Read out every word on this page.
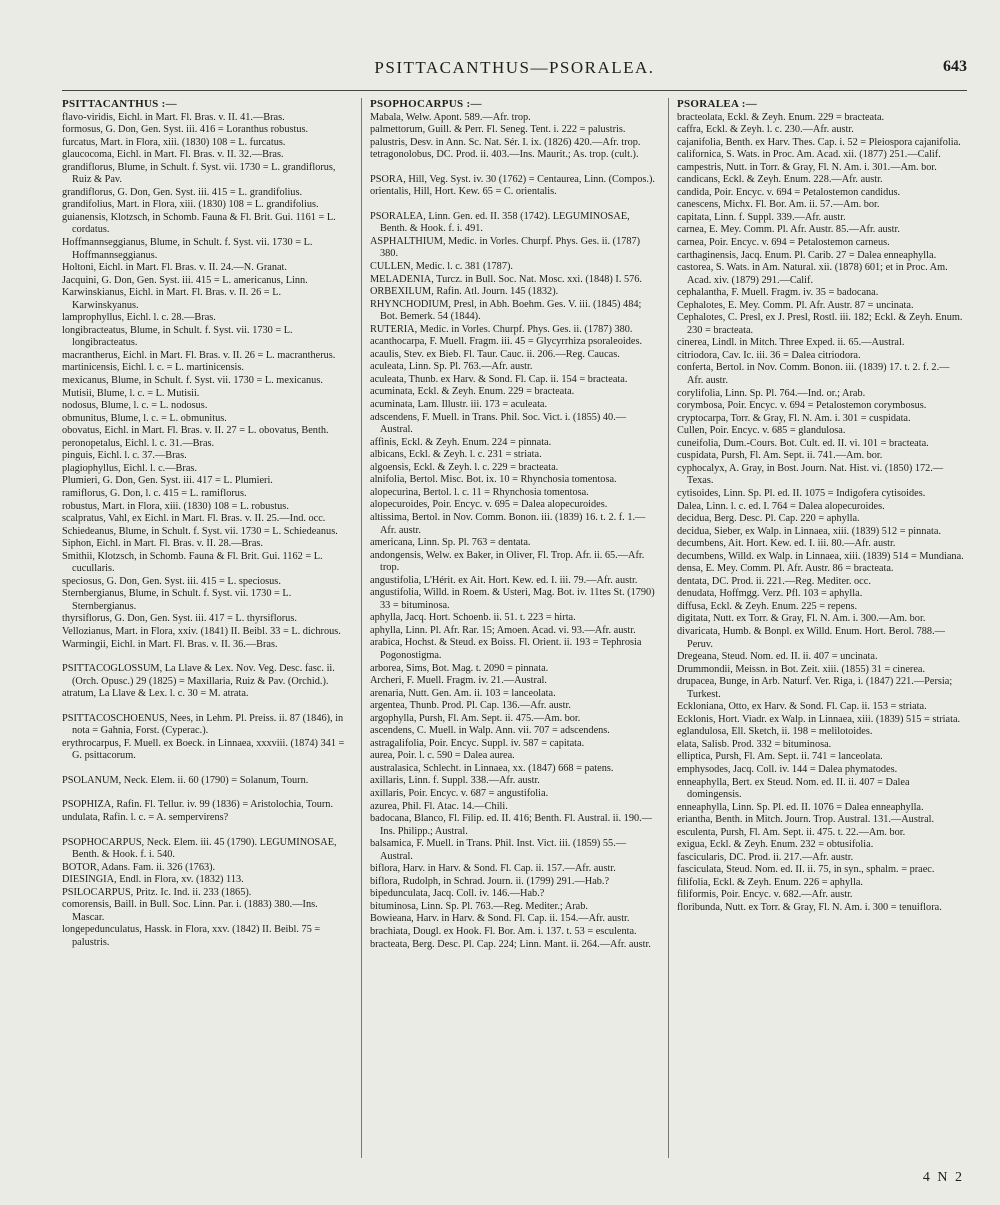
PSITTACANTHUS—PSORALEA.	643
PSITTACANTHUS :—

flavo-viridis, Eichl. in Mart. Fl. Bras. v. II. 41.—Bras.

formosus, G. Don, Gen. Syst. iii. 416 = Loranthus robustus.

furcatus, Mart. in Flora, xiii. (1830) 108 = L. furcatus.

glaucocoma, Eichl. in Mart. Fl. Bras. v. II. 32.—Bras.

grandiflorus, Blume, in Schult. f. Syst. vii. 1730 = L. grandiflorus, Ruiz & Pav.

grandiflorus, G. Don, Gen. Syst. iii. 415 = L. grandifolius.

grandifolius, Mart. in Flora, xiii. (1830) 108 = L. grandifolius.

guianensis, Klotzsch, in Schomb. Fauna & Fl. Brit. Gui. 1161 = L. cordatus.

Hoffmannseggianus, Blume, in Schult. f. Syst. vii. 1730 = L. Hoffmannseggianus.

Holtoni, Eichl. in Mart. Fl. Bras. v. II. 24.—N. Granat.

Jacquini, G. Don, Gen. Syst. iii. 415 = L. americanus, Linn.

Karwinskianus, Eichl. in Mart. Fl. Bras. v. II. 26 = L. Karwinskyanus.

lamprophyllus, Eichl. l. c. 28.—Bras.

longibracteatus, Blume, in Schult. f. Syst. vii. 1730 = L. longibracteatus.

macrantherus, Eichl. in Mart. Fl. Bras. v. II. 26 = L. macrantherus.

martinicensis, Eichl. l. c. = L. martinicensis.

mexicanus, Blume, in Schult. f. Syst. vii. 1730 = L. mexicanus.

Mutisii, Blume, l. c. = L. Mutisii.

nodosus, Blume, l. c. = L. nodosus.

obmunitus, Blume, l. c. = L. obmunitus.

obovatus, Eichl. in Mart. Fl. Bras. v. II. 27 = L. obovatus, Benth.

peronopetalus, Eichl. l. c. 31.—Bras.

pinguis, Eichl. l. c. 37.—Bras.

plagiophyllus, Eichl. l. c.—Bras.

Plumieri, G. Don, Gen. Syst. iii. 417 = L. Plumieri.

ramiflorus, G. Don, l. c. 415 = L. ramiflorus.

robustus, Mart. in Flora, xiii. (1830) 108 = L. robustus.

scalpratus, Vahl, ex Eichl. in Mart. Fl. Bras. v. II. 25.—Ind. occ.

Schiedeanus, Blume, in Schult. f. Syst. vii. 1730 = L. Schiedeanus.

Siphon, Eichl. in Mart. Fl. Bras. v. II. 28.—Bras.

Smithii, Klotzsch, in Schomb. Fauna & Fl. Brit. Gui. 1162 = L. cucullaris.

speciosus, G. Don, Gen. Syst. iii. 415 = L. speciosus.

Sternbergianus, Blume, in Schult. f. Syst. vii. 1730 = L. Sternbergianus.

thyrsiflorus, G. Don, Gen. Syst. iii. 417 = L. thyrsiflorus.

Vellozianus, Mart. in Flora, xxiv. (1841) II. Beibl. 33 = L. dichrous.

Warmingii, Eichl. in Mart. Fl. Bras. v. II. 36.—Bras.

PSITTACOGLOSSUM, La Llave & Lex. Nov. Veg. Desc. fasc. ii. (Orch. Opusc.) 29 (1825) = Maxillaria, Ruiz & Pav. (Orchid.).

atratum, La Llave & Lex. l. c. 30 = M. atrata.

PSITTACOSCHOENUS, Nees, in Lehm. Pl. Preiss. ii. 87 (1846), in nota = Gahnia, Forst. (Cyperac.).

erythrocarpus, F. Muell. ex Boeck. in Linnaea, xxxviii. (1874) 341 = G. psittacorum.

PSOLANUM, Neck. Elem. ii. 60 (1790) = Solanum, Tourn.

PSOPHIZA, Rafin. Fl. Tellur. iv. 99 (1836) = Aristolochia, Tourn.

undulata, Rafin. l. c. = A. sempervirens?

PSOPHOCARPUS, Neck. Elem. iii. 45 (1790). LEGUMINOSAE, Benth. & Hook. f. i. 540.

BOTOR, Adans. Fam. ii. 326 (1763).

DIESINGIA, Endl. in Flora, xv. (1832) 113.

PSILOCARPUS, Pritz. Ic. Ind. ii. 233 (1865).

comorensis, Baill. in Bull. Soc. Linn. Par. i. (1883) 380.—Ins. Mascar.

longepedunculatus, Hassk. in Flora, xxv. (1842) II. Beibl. 75 = palustris.

PSOPHOCARPUS :—

Mabala, Welw. Apont. 589.—Afr. trop.

palmettorum, Guill. & Perr. Fl. Seneg. Tent. i. 222 = palustris.

palustris, Desv. in Ann. Sc. Nat. Sér. I. ix. (1826) 420.—Afr. trop.

tetragonolobus, DC. Prod. ii. 403.—Ins. Maurit.; As. trop. (cult.).

PSORA, Hill, Veg. Syst. iv. 30 (1762) = Centaurea, Linn. (Compos.).

orientalis, Hill, Hort. Kew. 65 = C. orientalis.

PSORALEA, Linn. Gen. ed. II. 358 (1742). LEGUMINOSAE, Benth. & Hook. f. i. 491.

ASPHALTHIUM, Medic. in Vorles. Churpf. Phys. Ges. ii. (1787) 380.

CULLEN, Medic. l. c. 381 (1787).

MELADENIA, Turcz. in Bull. Soc. Nat. Mosc. xxi. (1848) I. 576.

ORBEXILUM, Rafin. Atl. Journ. 145 (1832).

RHYNCHODIUM, Presl, in Abh. Boehm. Ges. V. iii. (1845) 484; Bot. Bemerk. 54 (1844).

RUTERIA, Medic. in Vorles. Churpf. Phys. Ges. ii. (1787) 380.

acanthocarpa, F. Muell. Fragm. iii. 45 = Glycyrrhiza psoraleoides.

acaulis, Stev. ex Bieb. Fl. Taur. Cauc. ii. 206.—Reg. Caucas.

aculeata, Linn. Sp. Pl. 763.—Afr. austr.

aculeata, Thunb. ex Harv. & Sond. Fl. Cap. ii. 154 = bracteata.

acuminata, Eckl. & Zeyh. Enum. 229 = bracteata.

acuminata, Lam. Illustr. iii. 173 = aculeata.

adscendens, F. Muell. in Trans. Phil. Soc. Vict. i. (1855) 40.—Austral.

affinis, Eckl. & Zeyh. Enum. 224 = pinnata.

albicans, Eckl. & Zeyh. l. c. 231 = striata.

algoensis, Eckl. & Zeyh. l. c. 229 = bracteata.

alnifolia, Bertol. Misc. Bot. ix. 10 = Rhynchosia tomentosa.

alopecurina, Bertol. l. c. 11 = Rhynchosia tomentosa.

alopecuroides, Poir. Encyc. v. 695 = Dalea alopecuroides.

altissima, Bertol. in Nov. Comm. Bonon. iii. (1839) 16. t. 2. f. 1.—Afr. austr.

americana, Linn. Sp. Pl. 763 = dentata.

andongensis, Welw. ex Baker, in Oliver, Fl. Trop. Afr. ii. 65.—Afr. trop.

angustifolia, L'Hérit. ex Ait. Hort. Kew. ed. I. iii. 79.—Afr. austr.

angustifolia, Willd. in Roem. & Usteri, Mag. Bot. iv. 11tes St. (1790) 33 = bituminosa.

aphylla, Jacq. Hort. Schoenb. ii. 51. t. 223 = hirta.

aphylla, Linn. Pl. Afr. Rar. 15; Amoen. Acad. vi. 93.—Afr. austr.

arabica, Hochst. & Steud. ex Boiss. Fl. Orient. ii. 193 = Tephrosia Pogonostigma.

arborea, Sims, Bot. Mag. t. 2090 = pinnata.

Archeri, F. Muell. Fragm. iv. 21.—Austral.

arenaria, Nutt. Gen. Am. ii. 103 = lanceolata.

argentea, Thunb. Prod. Pl. Cap. 136.—Afr. austr.

argophylla, Pursh, Fl. Am. Sept. ii. 475.—Am. bor.

ascendens, C. Muell. in Walp. Ann. vii. 707 = adscendens.

astragalifolia, Poir. Encyc. Suppl. iv. 587 = capitata.

aurea, Poir. l. c. 590 = Dalea aurea.

australasica, Schlecht. in Linnaea, xx. (1847) 668 = patens.

axillaris, Linn. f. Suppl. 338.—Afr. austr.

axillaris, Poir. Encyc. v. 687 = angustifolia.

azurea, Phil. Fl. Atac. 14.—Chili.

badocana, Blanco, Fl. Filip. ed. II. 416; Benth. Fl. Austral. ii. 190.—Ins. Philipp.; Austral.

balsamica, F. Muell. in Trans. Phil. Inst. Vict. iii. (1859) 55.—Austral.

biflora, Harv. in Harv. & Sond. Fl. Cap. ii. 157.—Afr. austr.

biflora, Rudolph, in Schrad. Journ. ii. (1799) 291.—Hab.?

bipedunculata, Jacq. Coll. iv. 146.—Hab.?

bituminosa, Linn. Sp. Pl. 763.—Reg. Mediter.; Arab.

Bowieana, Harv. in Harv. & Sond. Fl. Cap. ii. 154.—Afr. austr.

brachiata, Dougl. ex Hook. Fl. Bor. Am. i. 137. t. 53 = esculenta.

bracteata, Berg. Desc. Pl. Cap. 224; Linn. Mant. ii. 264.—Afr. austr.

PSORALEA :—

bracteolata, Eckl. & Zeyh. Enum. 229 = bracteata.

caffra, Eckl. & Zeyh. l. c. 230.—Afr. austr.

cajanifolia, Benth. ex Harv. Thes. Cap. i. 52 = Pleiospora cajanifolia.

californica, S. Wats. in Proc. Am. Acad. xii. (1877) 251.—Calif.

campestris, Nutt. in Torr. & Gray, Fl. N. Am. i. 301.—Am. bor.

candicans, Eckl. & Zeyh. Enum. 228.—Afr. austr.

candida, Poir. Encyc. v. 694 = Petalostemon candidus.

canescens, Michx. Fl. Bor. Am. ii. 57.—Am. bor.

capitata, Linn. f. Suppl. 339.—Afr. austr.

carnea, E. Mey. Comm. Pl. Afr. Austr. 85.—Afr. austr.

carnea, Poir. Encyc. v. 694 = Petalostemon carneus.

carthaginensis, Jacq. Enum. Pl. Carib. 27 = Dalea enneaphylla.

castorea, S. Wats. in Am. Natural. xii. (1878) 601; et in Proc. Am. Acad. xiv. (1879) 291.—Calif.

cephalantha, F. Muell. Fragm. iv. 35 = badocana.

Cephalotes, E. Mey. Comm. Pl. Afr. Austr. 87 = uncinata.

Cephalotes, C. Presl, ex J. Presl, Rostl. iii. 182; Eckl. & Zeyh. Enum. 230 = bracteata.

cinerea, Lindl. in Mitch. Three Exped. ii. 65.—Austral.

citriodora, Cav. Ic. iii. 36 = Dalea citriodora.

conferta, Bertol. in Nov. Comm. Bonon. iii. (1839) 17. t. 2. f. 2.—Afr. austr.

corylifolia, Linn. Sp. Pl. 764.—Ind. or.; Arab.

corymbosa, Poir. Encyc. v. 694 = Petalostemon corymbosus.

cryptocarpa, Torr. & Gray, Fl. N. Am. i. 301 = cuspidata.

Cullen, Poir. Encyc. v. 685 = glandulosa.

cuneifolia, Dum.-Cours. Bot. Cult. ed. II. vi. 101 = bracteata.

cuspidata, Pursh, Fl. Am. Sept. ii. 741.—Am. bor.

cyphocalyx, A. Gray, in Bost. Journ. Nat. Hist. vi. (1850) 172.—Texas.

cytisoides, Linn. Sp. Pl. ed. II. 1075 = Indigofera cytisoides.

Dalea, Linn. l. c. ed. I. 764 = Dalea alopecuroides.

decidua, Berg. Desc. Pl. Cap. 220 = aphylla.

decidua, Sieber, ex Walp. in Linnaea, xiii. (1839) 512 = pinnata.

decumbens, Ait. Hort. Kew. ed. I. iii. 80.—Afr. austr.

decumbens, Willd. ex Walp. in Linnaea, xiii. (1839) 514 = Mundiana.

densa, E. Mey. Comm. Pl. Afr. Austr. 86 = bracteata.

dentata, DC. Prod. ii. 221.—Reg. Mediter. occ.

denudata, Hoffmgg. Verz. Pfl. 103 = aphylla.

diffusa, Eckl. & Zeyh. Enum. 225 = repens.

digitata, Nutt. ex Torr. & Gray, Fl. N. Am. i. 300.—Am. bor.

divaricata, Humb. & Bonpl. ex Willd. Enum. Hort. Berol. 788.—Peruv.

Dregeana, Steud. Nom. ed. II. ii. 407 = uncinata.

Drummondii, Meissn. in Bot. Zeit. xiii. (1855) 31 = cinerea.

drupacea, Bunge, in Arb. Naturf. Ver. Riga, i. (1847) 221.—Persia; Turkest.

Ecklonianа, Otto, ex Harv. & Sond. Fl. Cap. ii. 153 = striata.

Ecklonis, Hort. Viadr. ex Walp. in Linnaea, xiii. (1839) 515 = striata.

eglandulosa, Ell. Sketch, ii. 198 = melilotoides.

elata, Salisb. Prod. 332 = bituminosa.

elliptica, Pursh, Fl. Am. Sept. ii. 741 = lanceolata.

emphysodes, Jacq. Coll. iv. 144 = Dalea phymatodes.

enneaphylla, Bert. ex Steud. Nom. ed. II. ii. 407 = Dalea domingensis.

enneaphylla, Linn. Sp. Pl. ed. II. 1076 = Dalea enneaphylla.

eriantha, Benth. in Mitch. Journ. Trop. Austral. 131.—Austral.

esculenta, Pursh, Fl. Am. Sept. ii. 475. t. 22.—Am. bor.

exigua, Eckl. & Zeyh. Enum. 232 = obtusifolia.

fascicularis, DC. Prod. ii. 217.—Afr. austr.

fasciculata, Steud. Nom. ed. II. ii. 75, in syn., sphalm. = praec.

filifolia, Eckl. & Zeyh. Enum. 226 = aphylla.

filiformis, Poir. Encyc. v. 682.—Afr. austr.

floribunda, Nutt. ex Torr. & Gray, Fl. N. Am. i. 300 = tenuiflora.

4 N 2
